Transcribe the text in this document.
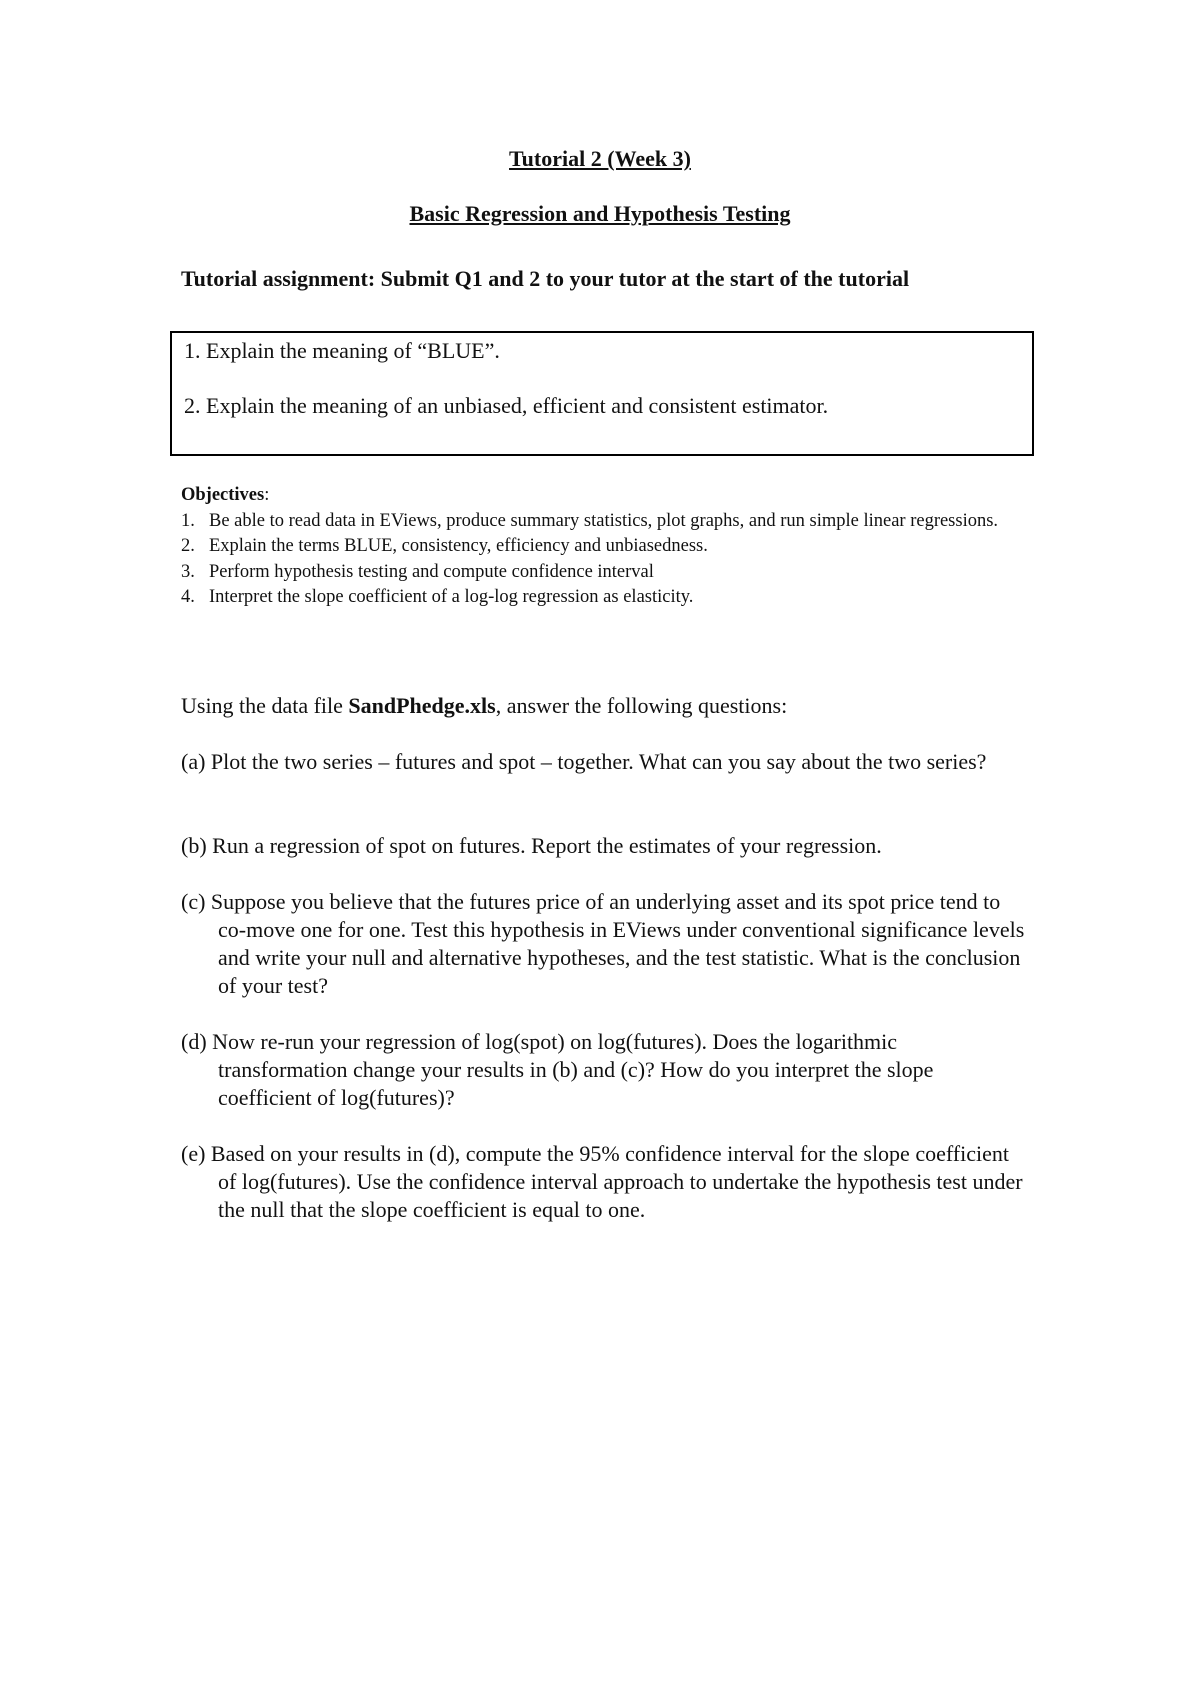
Tutorial 2 (Week 3)
Basic Regression and Hypothesis Testing
Tutorial assignment: Submit Q1 and 2 to your tutor at the start of the tutorial
1. Explain the meaning of “BLUE”.
2. Explain the meaning of an unbiased, efficient and consistent estimator.
Objectives:
1. Be able to read data in EViews, produce summary statistics, plot graphs, and run simple linear regressions.
2. Explain the terms BLUE, consistency, efficiency and unbiasedness.
3. Perform hypothesis testing and compute confidence interval
4. Interpret the slope coefficient of a log-log regression as elasticity.
Using the data file SandPhedge.xls, answer the following questions:
(a) Plot the two series – futures and spot – together. What can you say about the two series?
(b) Run a regression of spot on futures. Report the estimates of your regression.
(c) Suppose you believe that the futures price of an underlying asset and its spot price tend to co-move one for one. Test this hypothesis in EViews under conventional significance levels and write your null and alternative hypotheses, and the test statistic. What is the conclusion of your test?
(d) Now re-run your regression of log(spot) on log(futures). Does the logarithmic transformation change your results in (b) and (c)? How do you interpret the slope coefficient of log(futures)?
(e) Based on your results in (d), compute the 95% confidence interval for the slope coefficient of log(futures). Use the confidence interval approach to undertake the hypothesis test under the null that the slope coefficient is equal to one.
